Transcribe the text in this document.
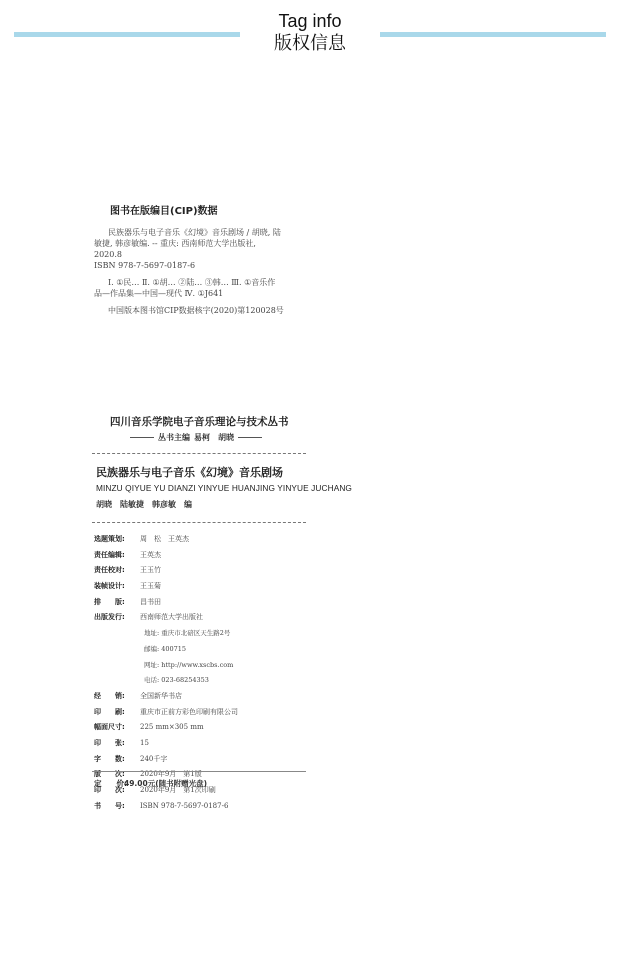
Tag info
版权信息
图书在版编目(CIP)数据
民族器乐与电子音乐《幻境》音乐剧场 / 胡晓, 陆
敏捷, 韩彦敏编. -- 重庆: 西南师范大学出版社,
2020.8
ISBN 978-7-5697-0187-6
Ⅰ. ①民… Ⅱ. ①胡… ②陆… ③韩… Ⅲ. ①音乐作
品—作品集—中国—现代 Ⅳ. ①J641
中国版本图书馆CIP数据核字(2020)第120028号
四川音乐学院电子音乐理论与技术丛书
丛书主编 易柯　胡晓
民族器乐与电子音乐《幻境》音乐剧场
MINZU QIYUE YU DIANZI YINYUE HUANJING YINYUE JUCHANG
胡晓　陆敏捷　韩彦敏　编
选题策划:	周　松　王英杰
责任编辑:	王英杰
责任校对:	王玉竹
装帧设计:	王玉菊
排　　版:	昌书田
出版发行:	西南师范大学出版社
地址: 重庆市北碚区天生路2号
邮编: 400715
网址: http://www.xscbs.com
电话: 023-68254353
经　　销:	全国新华书店
印　　刷:	重庆市正前方彩色印刷有限公司
幅面尺寸:	225 mm×305 mm
印　　张:	15
字　　数:	240千字
版　　次:	2020年9月　第1版
印　　次:	2020年9月　第1次印刷
书　　号:	ISBN 978-7-5697-0187-6
定　　价:
49.00元(随书附赠光盘)
